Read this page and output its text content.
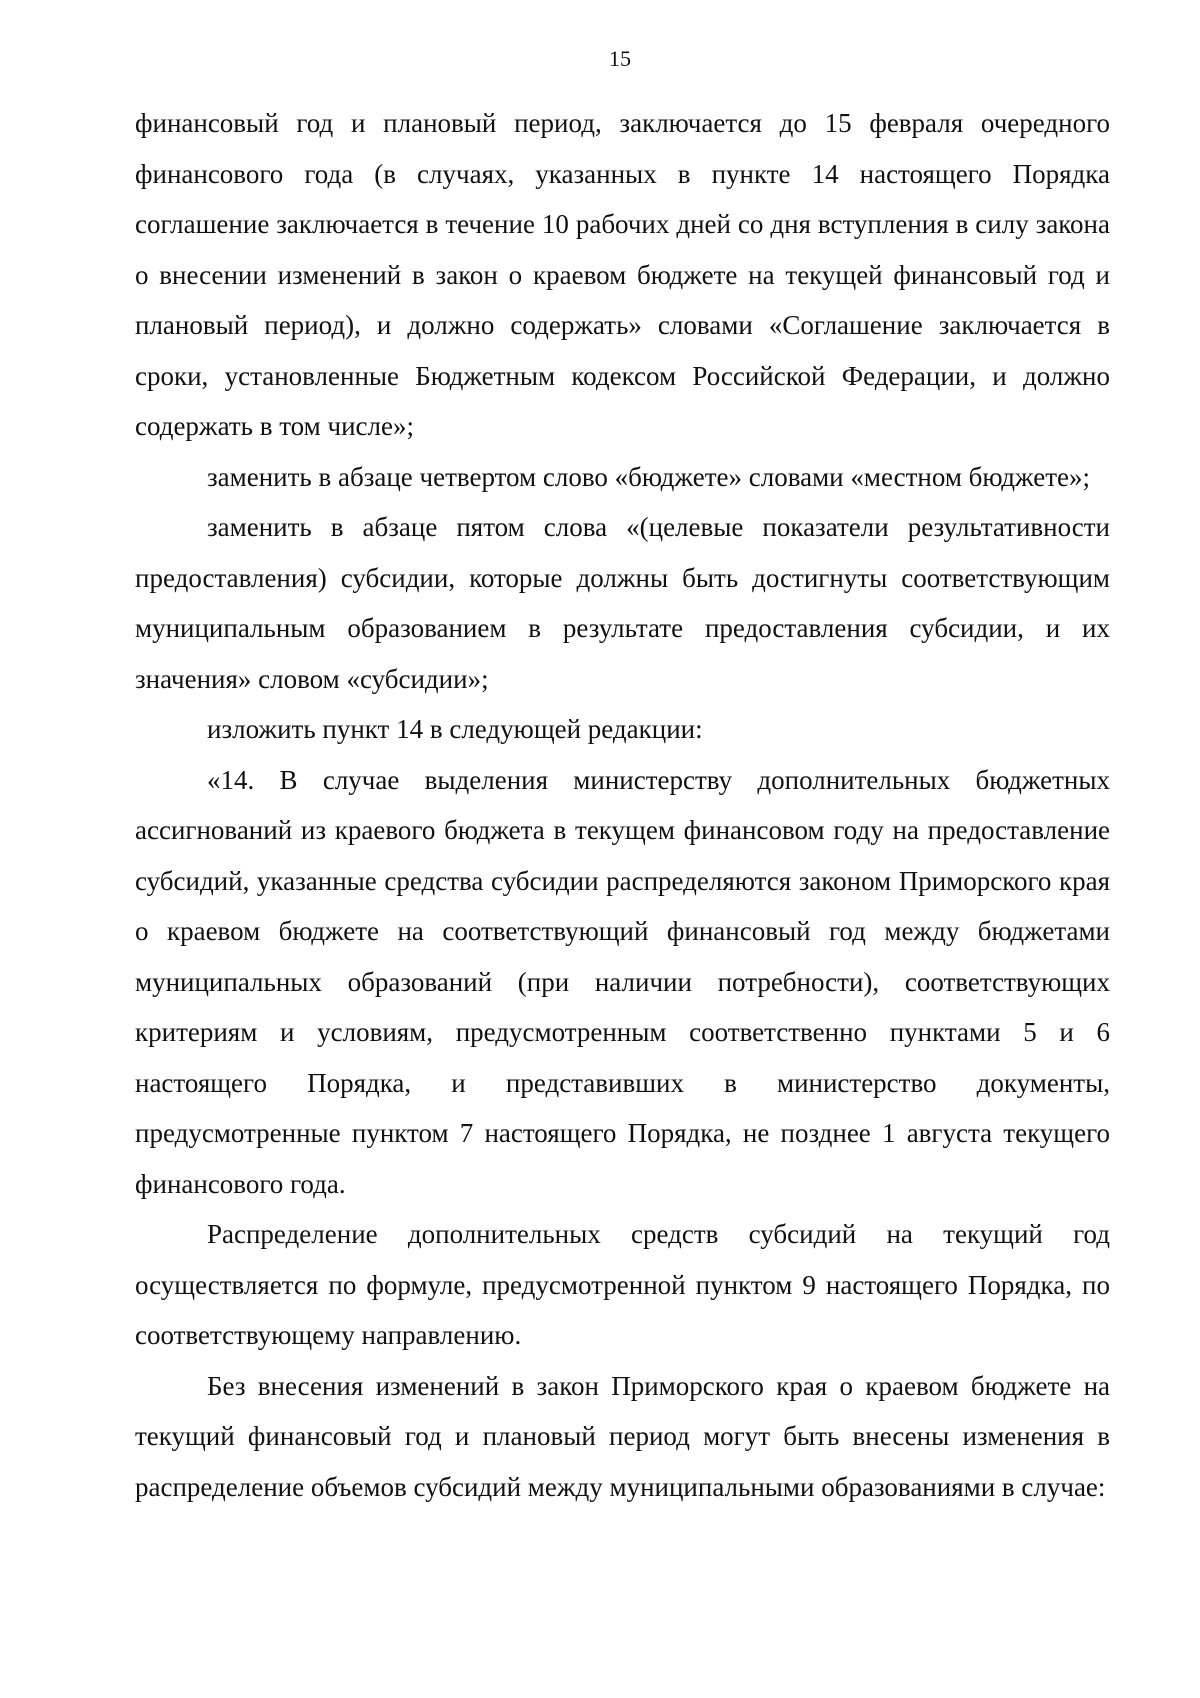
15

финансовый год и плановый период, заключается до 15 февраля очередного финансового года (в случаях, указанных в пункте 14 настоящего Порядка соглашение заключается в течение 10 рабочих дней со дня вступления в силу закона о внесении изменений в закон о краевом бюджете на текущей финансовый год и плановый период), и должно содержать» словами «Соглашение заключается в сроки, установленные Бюджетным кодексом Российской Федерации, и должно содержать в том числе»;

заменить в абзаце четвертом слово «бюджете» словами «местном бюджете»;

заменить в абзаце пятом слова «(целевые показатели результативности предоставления) субсидии, которые должны быть достигнуты соответствующим муниципальным образованием в результате предоставления субсидии, и их значения» словом «субсидии»;

изложить пункт 14 в следующей редакции:

«14. В случае выделения министерству дополнительных бюджетных ассигнований из краевого бюджета в текущем финансовом году на предоставление субсидий, указанные средства субсидии распределяются законом Приморского края о краевом бюджете на соответствующий финансовый год между бюджетами муниципальных образований (при наличии потребности), соответствующих критериям и условиям, предусмотренным соответственно пунктами 5 и 6 настоящего Порядка, и представивших в министерство документы, предусмотренные пунктом 7 настоящего Порядка, не позднее 1 августа текущего финансового года.

Распределение дополнительных средств субсидий на текущий год осуществляется по формуле, предусмотренной пунктом 9 настоящего Порядка, по соответствующему направлению.

Без внесения изменений в закон Приморского края о краевом бюджете на текущий финансовый год и плановый период могут быть внесены изменения в распределение объемов субсидий между муниципальными образованиями в случае:
